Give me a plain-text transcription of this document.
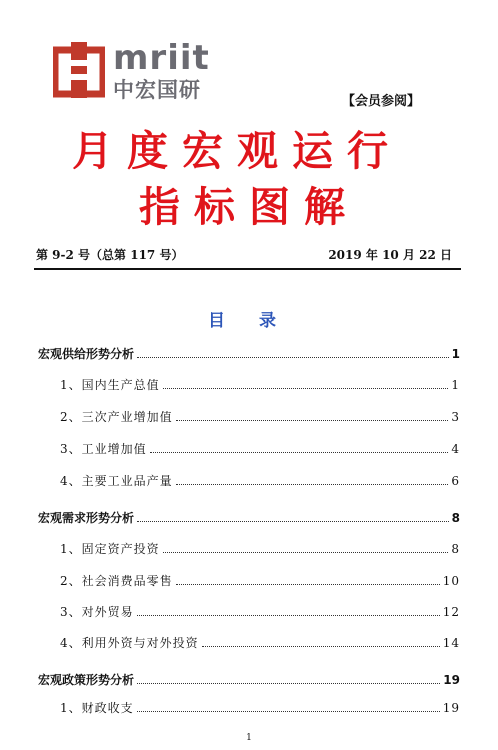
mriit
中宏国研	【会员参阅】
月度宏观运行
指标图解
第 9-2 号（总第 117 号）	2019 年 10 月 22 日
目 录
宏观供给形势分析	1
1、国内生产总值	1
2、三次产业增加值	3
3、工业增加值	4
4、主要工业品产量	6
宏观需求形势分析	8
1、固定资产投资	8
2、社会消费品零售	10
3、对外贸易	12
4、利用外资与对外投资	14
宏观政策形势分析	19
1、财政收支	19
1
